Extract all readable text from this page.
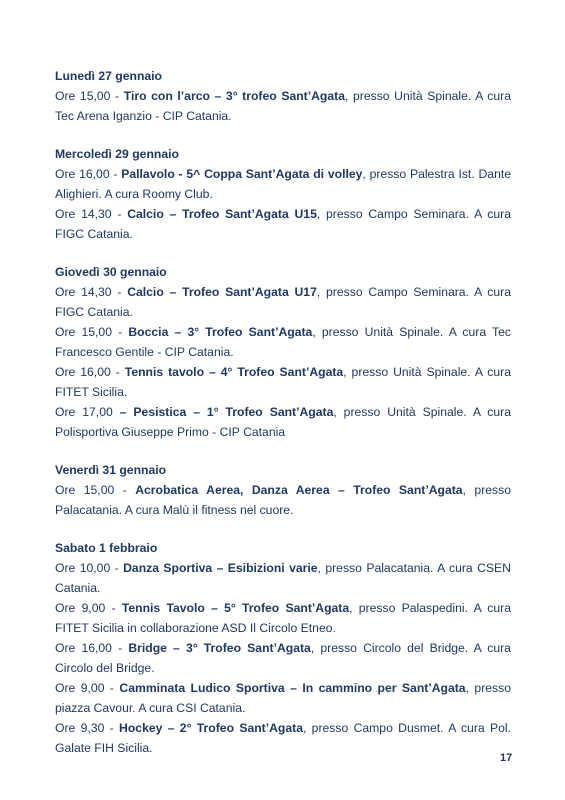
Lunedì 27 gennaio

Ore 15,00 - Tiro con l’arco – 3° trofeo Sant’Agata, presso Unità Spinale. A cura Tec Arena Iganzio - CIP Catania.

Mercoledì 29 gennaio

Ore 16,00 - Pallavolo - 5^ Coppa Sant’Agata di volley, presso Palestra Ist. Dante Alighieri. A cura Roomy Club.

Ore 14,30 - Calcio – Trofeo Sant’Agata U15, presso Campo Seminara. A cura FIGC Catania.

Giovedì 30 gennaio

Ore 14,30 - Calcio – Trofeo Sant’Agata U17, presso Campo Seminara. A cura FIGC Catania.

Ore 15,00 - Boccia – 3° Trofeo Sant’Agata, presso Unità Spinale. A cura Tec Francesco Gentile - CIP Catania.

Ore 16,00 - Tennis tavolo – 4° Trofeo Sant’Agata, presso Unità Spinale. A cura FITET Sicilia.

Ore 17,00 – Pesistica – 1° Trofeo Sant’Agata, presso Unità Spinale. A cura Polisportiva Giuseppe Primo - CIP Catania

Venerdì 31 gennaio

Ore 15,00 - Acrobatica Aerea, Danza Aerea – Trofeo Sant’Agata, presso Palacatania. A cura Malù il fitness nel cuore.

Sabato 1 febbraio

Ore 10,00 - Danza Sportiva – Esibizioni varie, presso Palacatania. A cura CSEN Catania.

Ore 9,00 - Tennis Tavolo – 5° Trofeo Sant’Agata, presso Palaspedini. A cura FITET Sicilia in collaborazione ASD Il Circolo Etneo.

Ore 16,00 - Bridge – 3° Trofeo Sant’Agata, presso Circolo del Bridge. A cura Circolo del Bridge.

Ore 9,00 - Camminata Ludico Sportiva – In cammino per Sant’Agata, presso piazza Cavour. A cura CSI Catania.

Ore 9,30 - Hockey – 2° Trofeo Sant’Agata, presso Campo Dusmet. A cura Pol. Galate FIH Sicilia.

17
